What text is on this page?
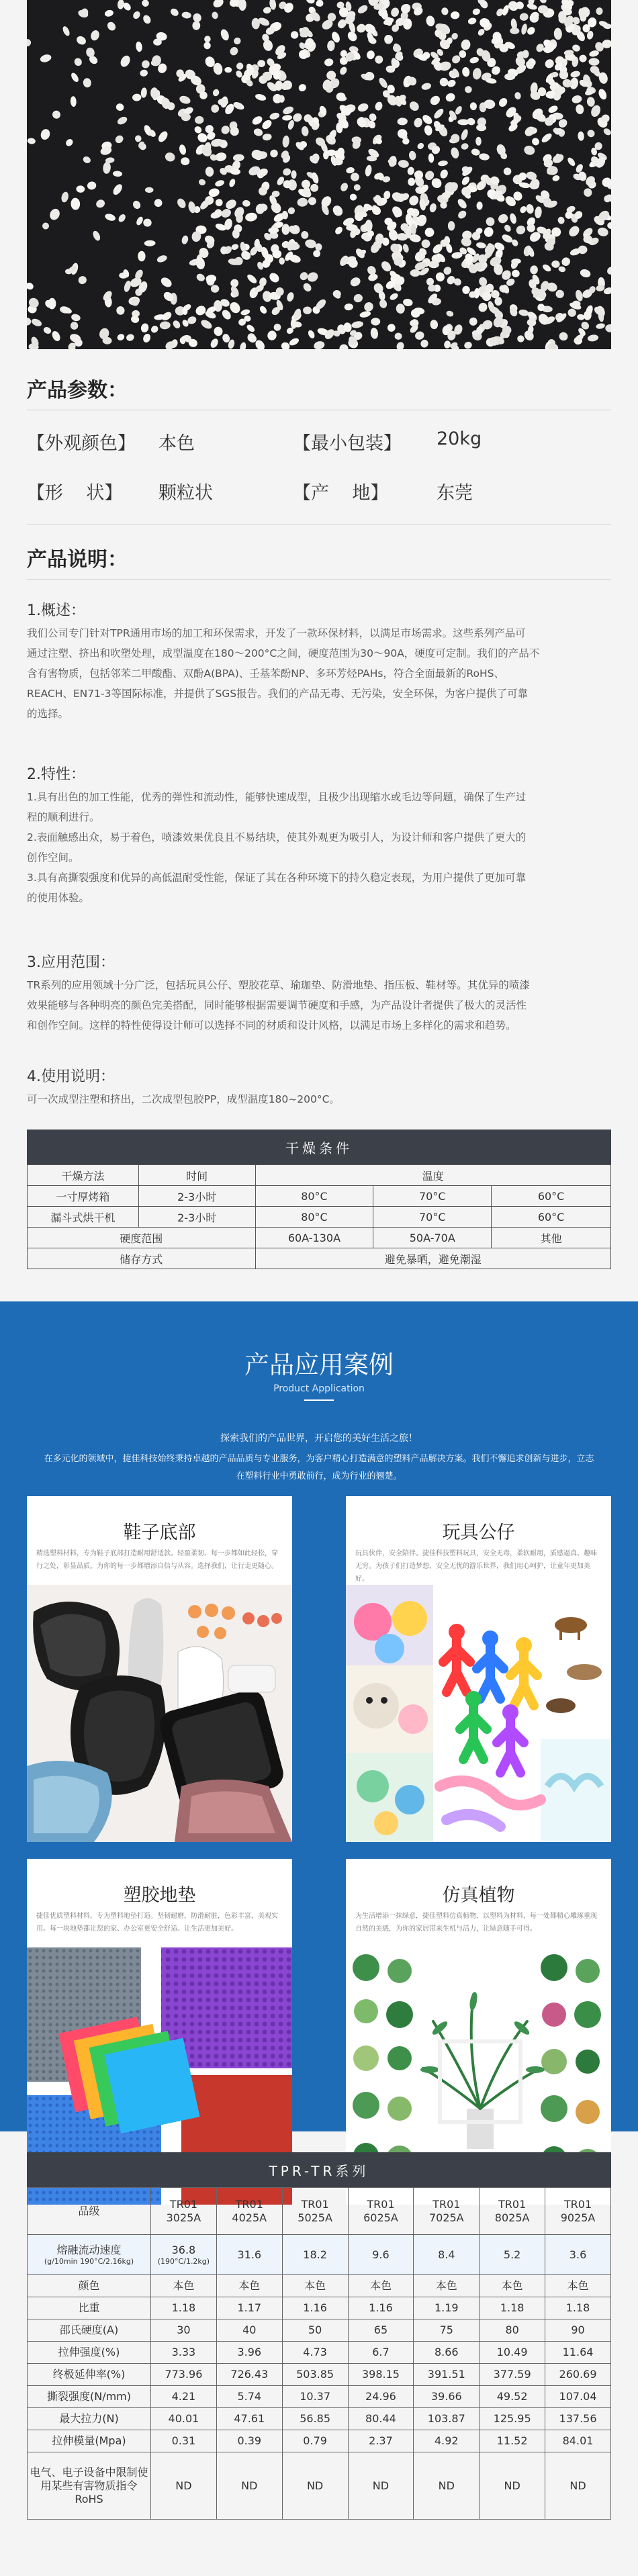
产品参数：
【外观颜色】 本色	【最小包装】 20kg
【形    状】 颗粒状	【产    地】	东莞
产品说明：
1.概述：
我们公司专门针对TPR通用市场的加工和环保需求，开发了一款环保材料，以满足市场需求。这些系列产品可
通过注塑、挤出和吹塑处理，成型温度在180～200°C之间，硬度范围为30～90A，硬度可定制。我们的产品不
含有害物质，包括邻苯二甲酸酯、双酚A(BPA)、壬基苯酚NP、多环芳烃PAHs，符合全面最新的RoHS、
REACH、EN71-3等国际标准，并提供了SGS报告。我们的产品无毒、无污染，安全环保，为客户提供了可靠
的选择。
2.特性：
1.具有出色的加工性能，优秀的弹性和流动性，能够快速成型，且极少出现缩水或毛边等问题，确保了生产过
程的顺利进行。
2.表面触感出众，易于着色，喷漆效果优良且不易结块，使其外观更为吸引人，为设计师和客户提供了更大的
创作空间。
3.具有高撕裂强度和优异的高低温耐受性能，保证了其在各种环境下的持久稳定表现，为用户提供了更加可靠
的使用体验。
3.应用范围：
TR系列的应用领域十分广泛，包括玩具公仔、塑胶花草、瑜珈垫、防滑地垫、指压板、鞋材等。其优异的喷漆
效果能够与各种明亮的颜色完美搭配，同时能够根据需要调节硬度和手感，为产品设计者提供了极大的灵活性
和创作空间。这样的特性使得设计师可以选择不同的材质和设计风格，以满足市场上多样化的需求和趋势。
4.使用说明：
可一次成型注塑和挤出，二次成型包胶PP，成型温度180~200°C。
干燥条件
干燥方法	时间	温度		
一寸厚烤箱	2-3小时	80°C	70°C	60°C
漏斗式烘干机	2-3小时	80°C	70°C	60°C
硬度范围		60A-130A	50A-70A	其他
储存方式		避免暴晒，避免潮湿		
产品应用案例
Product Application
探索我们的产品世界，开启您的美好生活之旅！
在多元化的领域中，捷佳科技始终秉持卓越的产品品质与专业服务，为客户精心打造满意的塑料产品解决方案。我们不懈追求创新与进步，立志在塑料行业中勇敢前行，成为行业的翘楚。
鞋子底部
精选塑料材料，专为鞋子底部打造耐用舒适款。轻盈柔韧、每一步都如此轻松，穿行之处，彰显品质。为你的每一步都增添自信与从容。选择我们，让行走更随心。
玩具公仔
玩具伙伴，安全陪伴。捷佳科技塑料玩具，安全无毒，柔软耐用，质感逼真、趣味无穷。为孩子们打造梦想，安全无忧的游乐世界，我们用心呵护，让童年更加美好。
塑胶地垫
捷佳优质塑料材料，专为塑料地垫打造。坚韧耐磨，防滑耐脏，色彩丰富，美观实用。每一块地垫都让您的家、办公室更安全舒适。让生活更加美好。
仿真植物
为生活增添一抹绿意，捷佳塑料仿真植物，以塑料为材料，每一处都精心雕琢重现自然的美感，为你的家居带来生机与活力，让绿意随手可得。
TPR-TR系列
品级	TR01 3025A	TR01 4025A	TR01 5025A	TR01 6025A	TR01 7025A	TR01 8025A	TR01 9025A
熔融流动速度
(g/10min 190°C/2.16kg)	36.8
(190°C/1.2kg)	31.6	18.2	9.6	8.4	5.2	3.6
颜色	本色	本色	本色	本色	本色	本色	本色
比重	1.18	1.17	1.16	1.16	1.19	1.18	1.18
邵氏硬度(A)	30	40	50	65	75	80	90
拉伸强度(%)	3.33	3.96	4.73	6.7	8.66	10.49	11.64
终极延伸率(%)	773.96	726.43	503.85	398.15	391.51	377.59	260.69
撕裂强度(N/mm)	4.21	5.74	10.37	24.96	39.66	49.52	107.04
最大拉力(N)	40.01	47.61	56.85	80.44	103.87	125.95	137.56
拉伸模量(Mpa)	0.31	0.39	0.79	2.37	4.92	11.52	84.01
电气、电子设备中限制使用某些有害物质指令 RoHS	ND	ND	ND	ND	ND	ND	ND
